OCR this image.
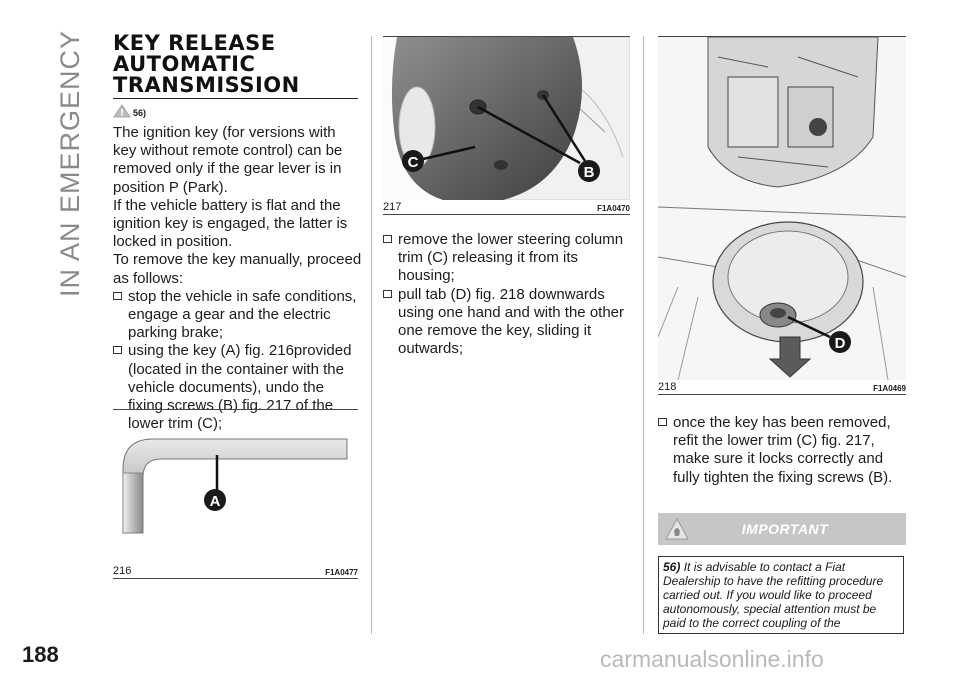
IN AN EMERGENCY KEY RELEASE
AUTOMATIC
TRANSMISSION
56)

The ignition key (for versions with key without remote control) can be removed only if the gear lever is in position P (Park).

If the vehicle battery is flat and the ignition key is engaged, the latter is locked in position.

To remove the key manually, proceed as follows:

stop the vehicle in safe conditions, engage a gear and the electric parking brake;

using the key (A) fig. 216provided (located in the container with the vehicle documents), undo the fixing screws (B) fig. 217 of the lower trim (C);

A
216	F1A0477
C
B
217	F1A0470

remove the lower steering column trim (C) releasing it from its housing;

pull tab (D) fig. 218 downwards using one hand and with the other one remove the key, sliding it outwards;	D
218	F1A0469

once the key has been removed, refit the lower trim (C) fig. 217, make sure it locks correctly and fully tighten the fixing screws (B).

IMPORTANT
56) It is advisable to contact a Fiat Dealership to have the refitting procedure carried out. If you would like to proceed autonomously, special attention must be paid to the correct coupling of the
188	carmanualsonline.info
